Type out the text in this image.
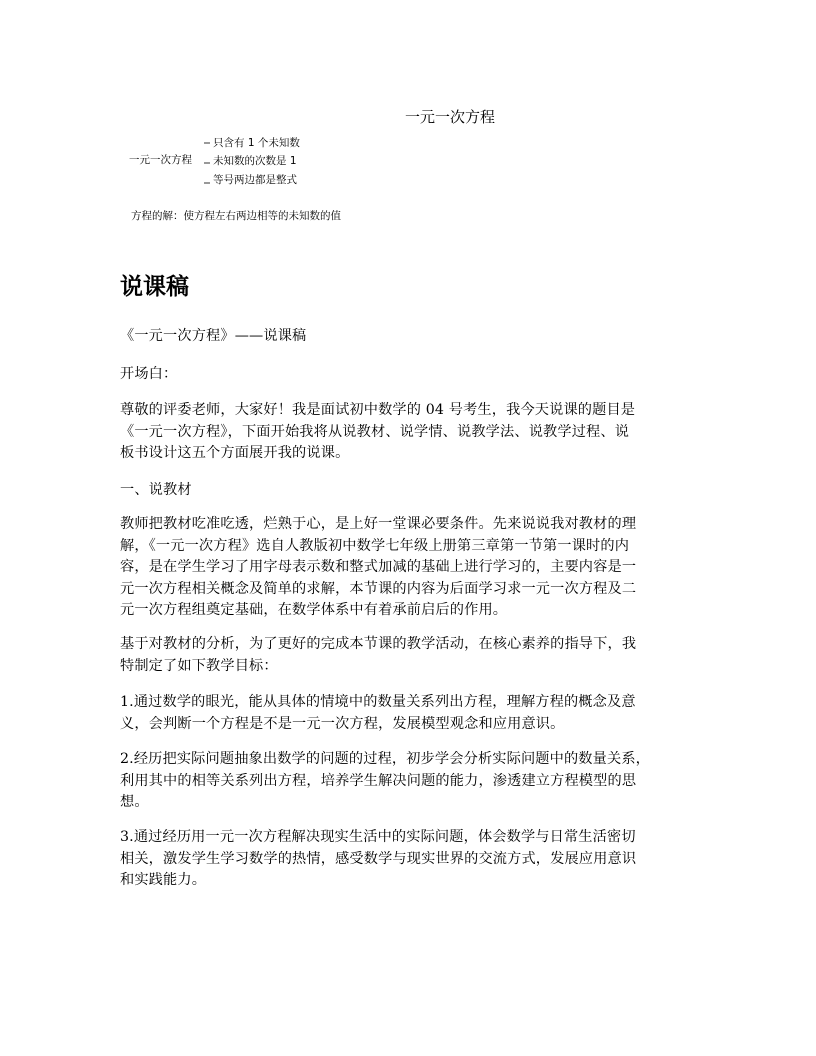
一元一次方程
一元一次方程
只含有 1 个未知数
未知数的次数是 1
等号两边都是整式
方程的解：使方程左右两边相等的未知数的值
说课稿
《一元一次方程》——说课稿
开场白：
尊敬的评委老师，大家好！我是面试初中数学的 04 号考生，我今天说课的题目是
《一元一次方程》，下面开始我将从说教材、说学情、说教学法、说教学过程、说
板书设计这五个方面展开我的说课。
一、说教材
教师把教材吃准吃透，烂熟于心，是上好一堂课必要条件。先来说说我对教材的理
解，《一元一次方程》选自人教版初中数学七年级上册第三章第一节第一课时的内
容，是在学生学习了用字母表示数和整式加减的基础上进行学习的，主要内容是一
元一次方程相关概念及简单的求解，本节课的内容为后面学习求一元一次方程及二
元一次方程组奠定基础，在数学体系中有着承前启后的作用。
基于对教材的分析，为了更好的完成本节课的教学活动，在核心素养的指导下，我
特制定了如下教学目标：
1.通过数学的眼光，能从具体的情境中的数量关系列出方程，理解方程的概念及意
义，会判断一个方程是不是一元一次方程，发展模型观念和应用意识。
2.经历把实际问题抽象出数学的问题的过程，初步学会分析实际问题中的数量关系，
利用其中的相等关系列出方程，培养学生解决问题的能力，渗透建立方程模型的思
想。
3.通过经历用一元一次方程解决现实生活中的实际问题，体会数学与日常生活密切
相关，激发学生学习数学的热情，感受数学与现实世界的交流方式，发展应用意识
和实践能力。
